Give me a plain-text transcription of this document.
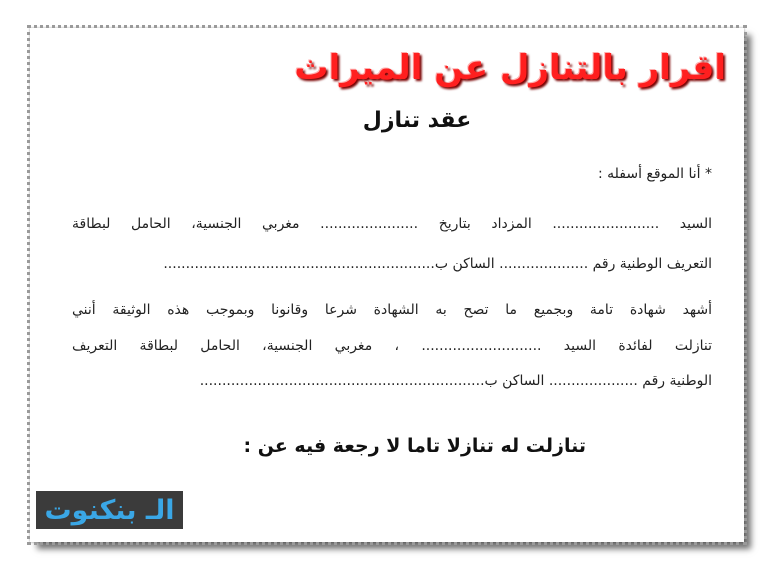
اقرار بالتنازل عن الميراث
عقد تنازل
* أنا الموقع أسفله :
السيد ........................ المزداد بتاريخ ...................... مغربي الجنسية، الحامل لبطاقة
التعريف الوطنية رقم .................... الساكن ب.............................................................
أشهد شهادة تامة وبجميع ما تصح به الشهادة شرعا وقانونا وبموجب هذه الوثيقة أنني
تنازلت لفائدة السيد ........................... ، مغربي الجنسية، الحامل لبطاقة التعريف
الوطنية رقم .................... الساكن ب................................................................
تنازلت له تنازلا تاما لا رجعة فيه عن :
الـ بنكنوت
